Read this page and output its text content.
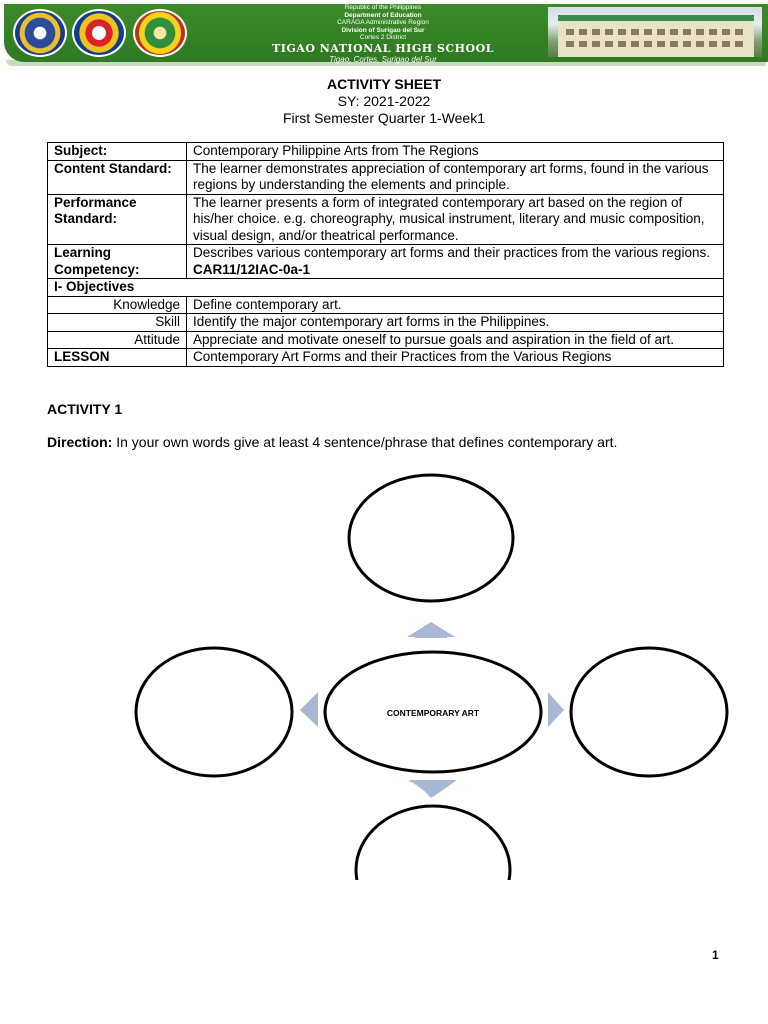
Republic of the Philippines
Department of Education
CARAGA Administrative Region
Division of Surigao del Sur
Cortes 2 District
TIGAO NATIONAL HIGH SCHOOL
Tigao, Cortes, Surigao del Sur
ACTIVITY SHEET
SY: 2021-2022
First Semester Quarter 1-Week1
Subject:	Contemporary Philippine Arts from The Regions
Content Standard:	The learner demonstrates appreciation of contemporary art forms, found in the various regions by understanding the elements and principle.
Performance Standard:	The learner presents a form of integrated contemporary art based on the region of his/her choice. e.g. choreography, musical instrument, literary and music composition, visual design, and/or theatrical performance.
Learning Competency:	Describes various contemporary art forms and their practices from the various regions. CAR11/12IAC-0a-1
I- Objectives	
Knowledge	Define contemporary art.
Skill	Identify the major contemporary art forms in the Philippines.
Attitude	Appreciate and motivate oneself to pursue goals and aspiration in the field of art.
LESSON	Contemporary Art Forms and their Practices from the Various Regions
ACTIVITY 1
Direction: In your own words give at least 4 sentence/phrase that defines contemporary art.
CONTEMPORARY ART
1
